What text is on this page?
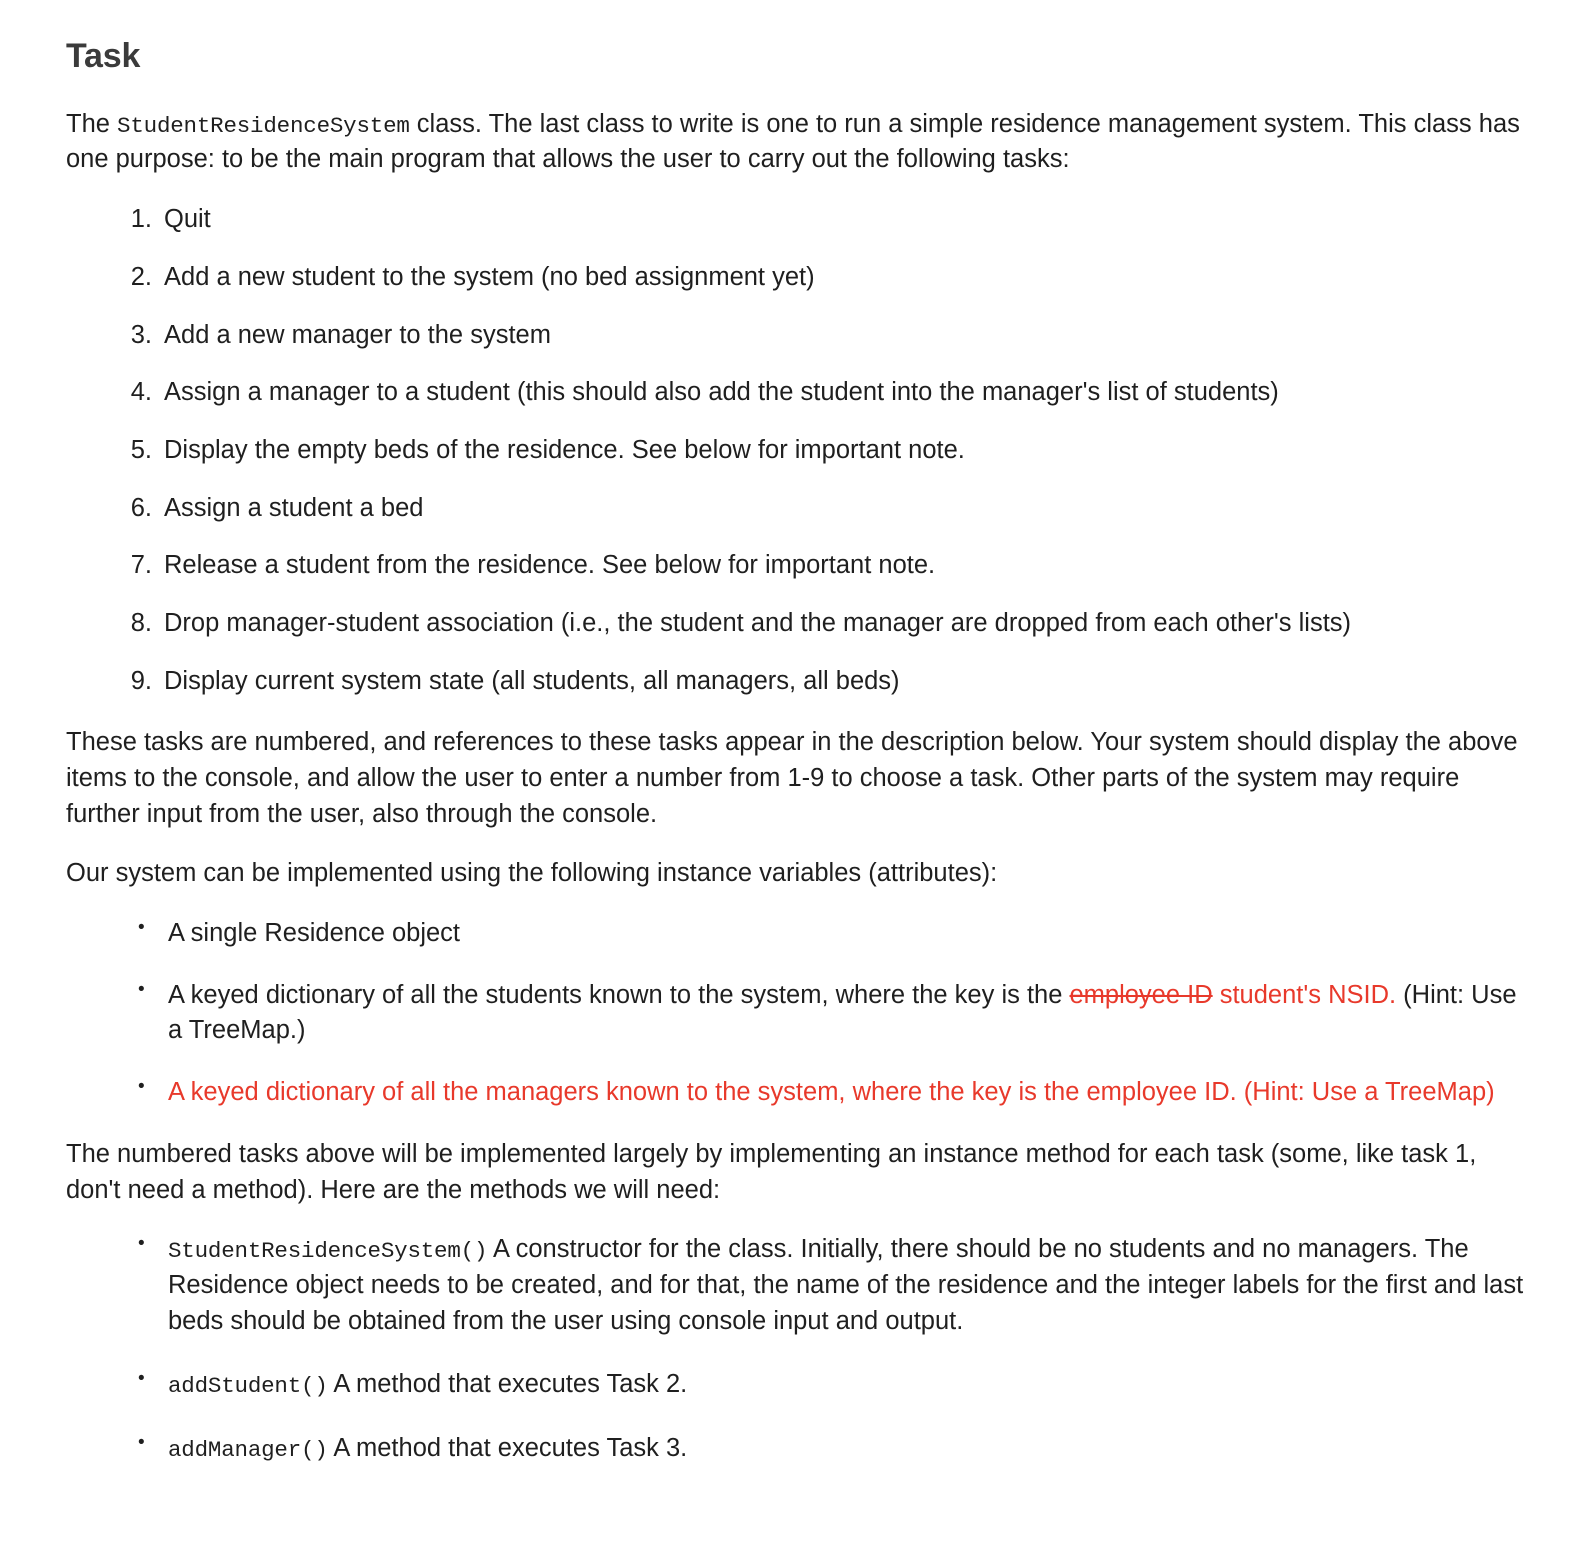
Task

The StudentResidenceSystem class. The last class to write is one to run a simple residence management system. This class has one purpose: to be the main program that allows the user to carry out the following tasks:

Quit
Add a new student to the system (no bed assignment yet)
Add a new manager to the system
Assign a manager to a student (this should also add the student into the manager's list of students)
Display the empty beds of the residence. See below for important note.
Assign a student a bed
Release a student from the residence. See below for important note.
Drop manager-student association (i.e., the student and the manager are dropped from each other's lists)
Display current system state (all students, all managers, all beds)

These tasks are numbered, and references to these tasks appear in the description below. Your system should display the above items to the console, and allow the user to enter a number from 1-9 to choose a task. Other parts of the system may require further input from the user, also through the console.

Our system can be implemented using the following instance variables (attributes):

• A single Residence object
• A keyed dictionary of all the students known to the system, where the key is the employee ID student's NSID. (Hint: Use a TreeMap.)
• A keyed dictionary of all the managers known to the system, where the key is the employee ID. (Hint: Use a TreeMap)

The numbered tasks above will be implemented largely by implementing an instance method for each task (some, like task 1, don't need a method). Here are the methods we will need:

• StudentResidenceSystem() A constructor for the class. Initially, there should be no students and no managers. The Residence object needs to be created, and for that, the name of the residence and the integer labels for the first and last beds should be obtained from the user using console input and output.
• addStudent() A method that executes Task 2.
• addManager() A method that executes Task 3.
